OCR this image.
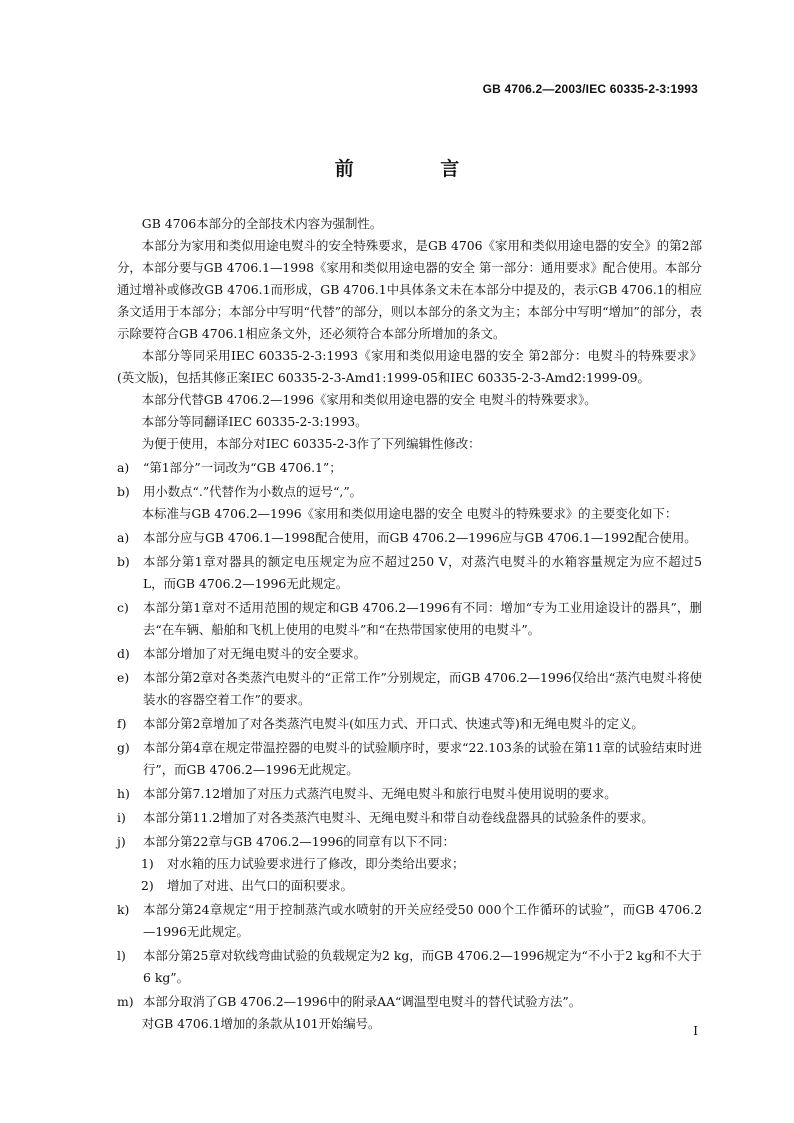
GB 4706.2—2003/IEC 60335-2-3:1993
前 言

GB 4706本部分的全部技术内容为强制性。

本部分为家用和类似用途电熨斗的安全特殊要求，是GB 4706《家用和类似用途电器的安全》的第2部分，本部分要与GB 4706.1—1998《家用和类似用途电器的安全 第一部分：通用要求》配合使用。本部分通过增补或修改GB 4706.1而形成，GB 4706.1中具体条文未在本部分中提及的，表示GB 4706.1的相应条文适用于本部分；本部分中写明“代替”的部分，则以本部分的条文为主；本部分中写明“增加”的部分，表示除要符合GB 4706.1相应条文外，还必须符合本部分所增加的条文。

本部分等同采用IEC 60335-2-3:1993《家用和类似用途电器的安全 第2部分：电熨斗的特殊要求》(英文版)，包括其修正案IEC 60335-2-3-Amd1:1999-05和IEC 60335-2-3-Amd2:1999-09。

本部分代替GB 4706.2—1996《家用和类似用途电器的安全 电熨斗的特殊要求》。

本部分等同翻译IEC 60335-2-3:1993。

为便于使用，本部分对IEC 60335-2-3作了下列编辑性修改：

a) “第1部分”一词改为“GB 4706.1”；
b) 用小数点“.”代替作为小数点的逗号“,”。

本标准与GB 4706.2—1996《家用和类似用途电器的安全 电熨斗的特殊要求》的主要变化如下：

a) 本部分应与GB 4706.1—1998配合使用，而GB 4706.2—1996应与GB 4706.1—1992配合使用。
b) 本部分第1章对器具的额定电压规定为应不超过250 V，对蒸汽电熨斗的水箱容量规定为应不超过5 L，而GB 4706.2—1996无此规定。
c) 本部分第1章对不适用范围的规定和GB 4706.2—1996有不同：增加“专为工业用途设计的器具”，删去“在车辆、船舶和飞机上使用的电熨斗”和“在热带国家使用的电熨斗”。
d) 本部分增加了对无绳电熨斗的安全要求。
e) 本部分第2章对各类蒸汽电熨斗的“正常工作”分别规定，而GB 4706.2—1996仅给出“蒸汽电熨斗将使装水的容器空着工作”的要求。
f) 本部分第2章增加了对各类蒸汽电熨斗(如压力式、开口式、快速式等)和无绳电熨斗的定义。
g) 本部分第4章在规定带温控器的电熨斗的试验顺序时，要求“22.103条的试验在第11章的试验结束时进行”，而GB 4706.2—1996无此规定。
h) 本部分第7.12增加了对压力式蒸汽电熨斗、无绳电熨斗和旅行电熨斗使用说明的要求。
i) 本部分第11.2增加了对各类蒸汽电熨斗、无绳电熨斗和带自动卷线盘器具的试验条件的要求。
j) 本部分第22章与GB 4706.2—1996的同章有以下不同：
1) 对水箱的压力试验要求进行了修改，即分类给出要求；
2) 增加了对进、出气口的面积要求。
k) 本部分第24章规定“用于控制蒸汽或水喷射的开关应经受50 000个工作循环的试验”，而GB 4706.2—1996无此规定。
l) 本部分第25章对软线弯曲试验的负载规定为2 kg，而GB 4706.2—1996规定为“不小于2 kg和不大于6 kg”。
m) 本部分取消了GB 4706.2—1996中的附录AA“调温型电熨斗的替代试验方法”。

对GB 4706.1增加的条款从101开始编号。	I
